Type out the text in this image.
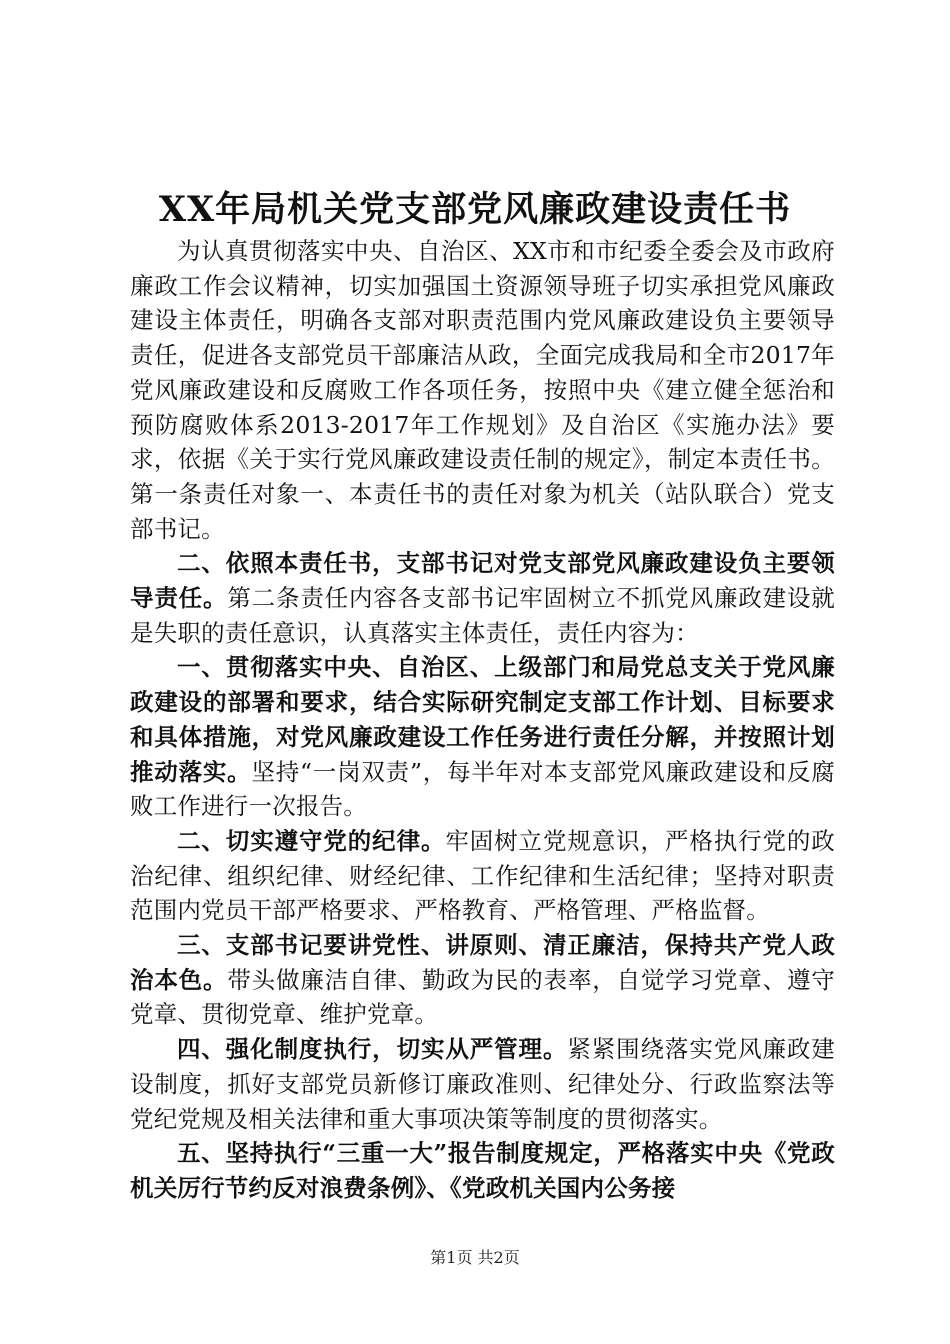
XX年局机关党支部党风廉政建设责任书

为认真贯彻落实中央、自治区、XX市和市纪委全委会及市政府廉政工作会议精神，切实加强国土资源领导班子切实承担党风廉政建设主体责任，明确各支部对职责范围内党风廉政建设负主要领导责任，促进各支部党员干部廉洁从政，全面完成我局和全市2017年党风廉政建设和反腐败工作各项任务，按照中央《建立健全惩治和预防腐败体系2013-2017年工作规划》及自治区《实施办法》要求，依据《关于实行党风廉政建设责任制的规定》，制定本责任书。第一条责任对象一、本责任书的责任对象为机关（站队联合）党支部书记。

二、依照本责任书，支部书记对党支部党风廉政建设负主要领导责任。第二条责任内容各支部书记牢固树立不抓党风廉政建设就是失职的责任意识，认真落实主体责任，责任内容为：

一、贯彻落实中央、自治区、上级部门和局党总支关于党风廉政建设的部署和要求，结合实际研究制定支部工作计划、目标要求和具体措施，对党风廉政建设工作任务进行责任分解，并按照计划推动落实。坚持“一岗双责”，每半年对本支部党风廉政建设和反腐败工作进行一次报告。

二、切实遵守党的纪律。牢固树立党规意识，严格执行党的政治纪律、组织纪律、财经纪律、工作纪律和生活纪律；坚持对职责范围内党员干部严格要求、严格教育、严格管理、严格监督。

三、支部书记要讲党性、讲原则、清正廉洁，保持共产党人政治本色。带头做廉洁自律、勤政为民的表率，自觉学习党章、遵守党章、贯彻党章、维护党章。

四、强化制度执行，切实从严管理。紧紧围绕落实党风廉政建设制度，抓好支部党员新修订廉政准则、纪律处分、行政监察法等党纪党规及相关法律和重大事项决策等制度的贯彻落实。

五、坚持执行“三重一大”报告制度规定，严格落实中央《党政机关厉行节约反对浪费条例》、《党政机关国内公务接

第1页 共2页
